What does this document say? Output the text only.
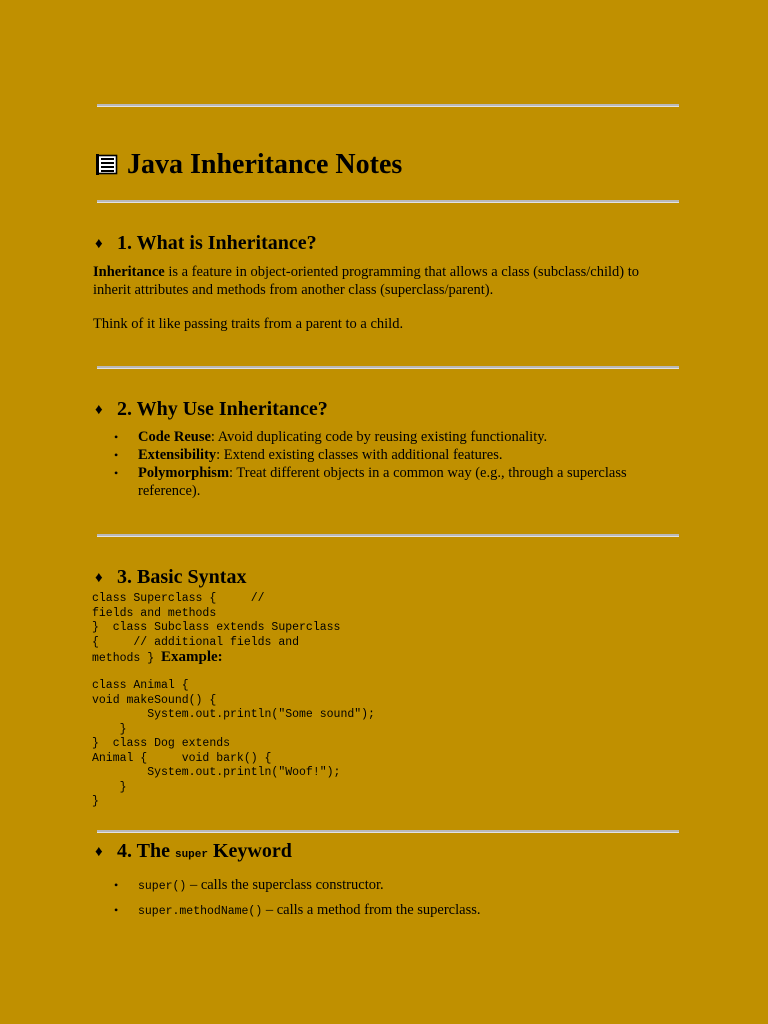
Java Inheritance Notes
♦ 1. What is Inheritance?

Inheritance is a feature in object-oriented programming that allows a class (subclass/child) to inherit attributes and methods from another class (superclass/parent).

Think of it like passing traits from a parent to a child.

♦ 2. Why Use Inheritance?
• Code Reuse: Avoid duplicating code by reusing existing functionality.
• Extensibility: Extend existing classes with additional features.
• Polymorphism: Treat different objects in a common way (e.g., through a superclass reference).
♦ 3. Basic Syntax
class Superclass {     //
fields and methods
}  class Subclass extends Superclass
{     // additional fields and
methods } Example:
class Animal {
void makeSound() {
System.out.println("Some sound");
}
}  class Dog extends
Animal {     void bark() {
System.out.println("Woof!");
}
}
♦ 4. The super Keyword
• super() – calls the superclass constructor.
• super.methodName() – calls a method from the superclass.
